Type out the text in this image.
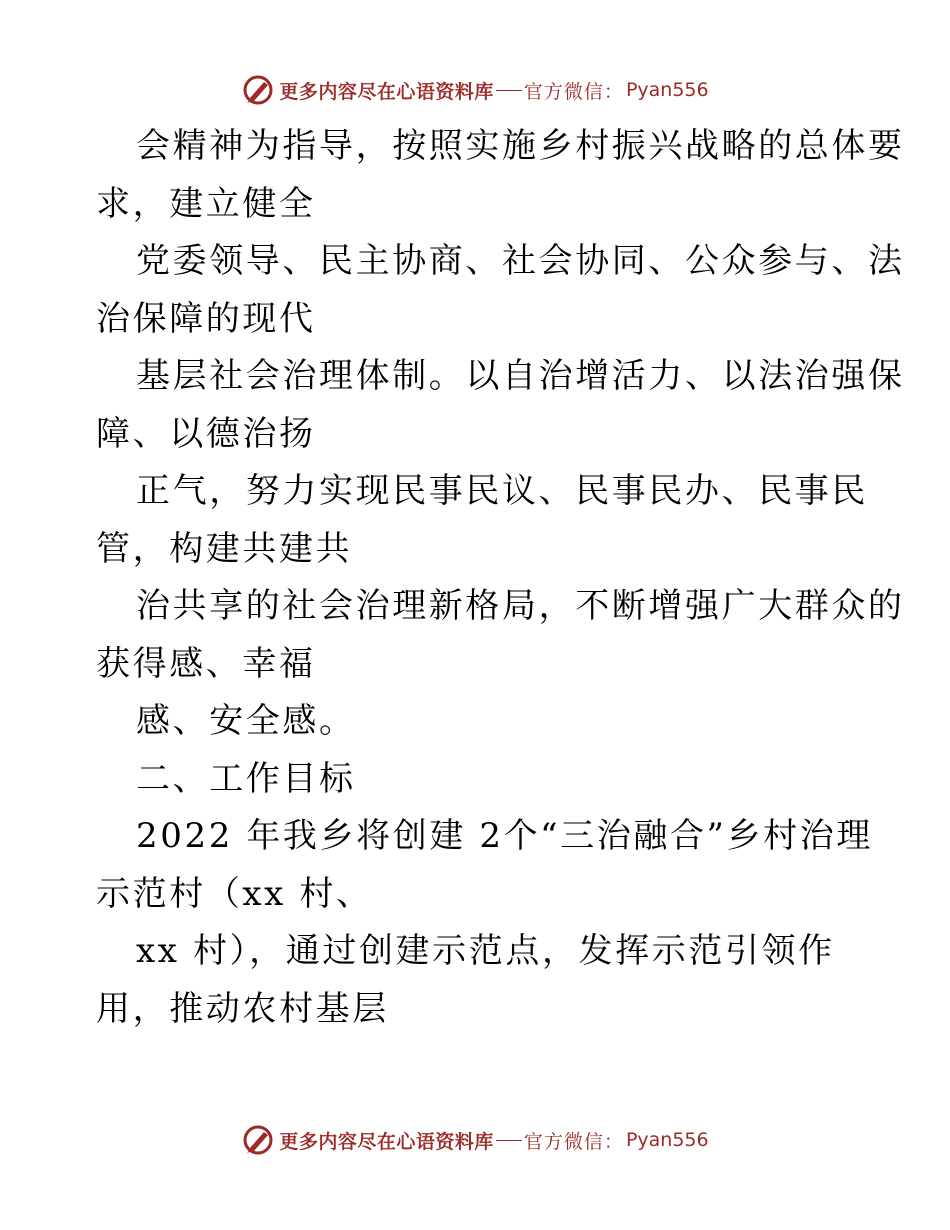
更多内容尽在心语资料库 官方微信： Pyan556
会精神为指导，按照实施乡村振兴战略的总体要
求，建立健全
党委领导、民主协商、社会协同、公众参与、法
治保障的现代
基层社会治理体制。以自治增活力、以法治强保
障、以德治扬
正气，努力实现民事民议、民事民办、民事民
管，构建共建共
治共享的社会治理新格局，不断增强广大群众的
获得感、幸福
感、安全感。
二、工作目标
2022 年我乡将创建 2个“三治融合”乡村治理
示范村（xx 村、
xx 村），通过创建示范点，发挥示范引领作
用，推动农村基层
更多内容尽在心语资料库 官方微信： Pyan556
